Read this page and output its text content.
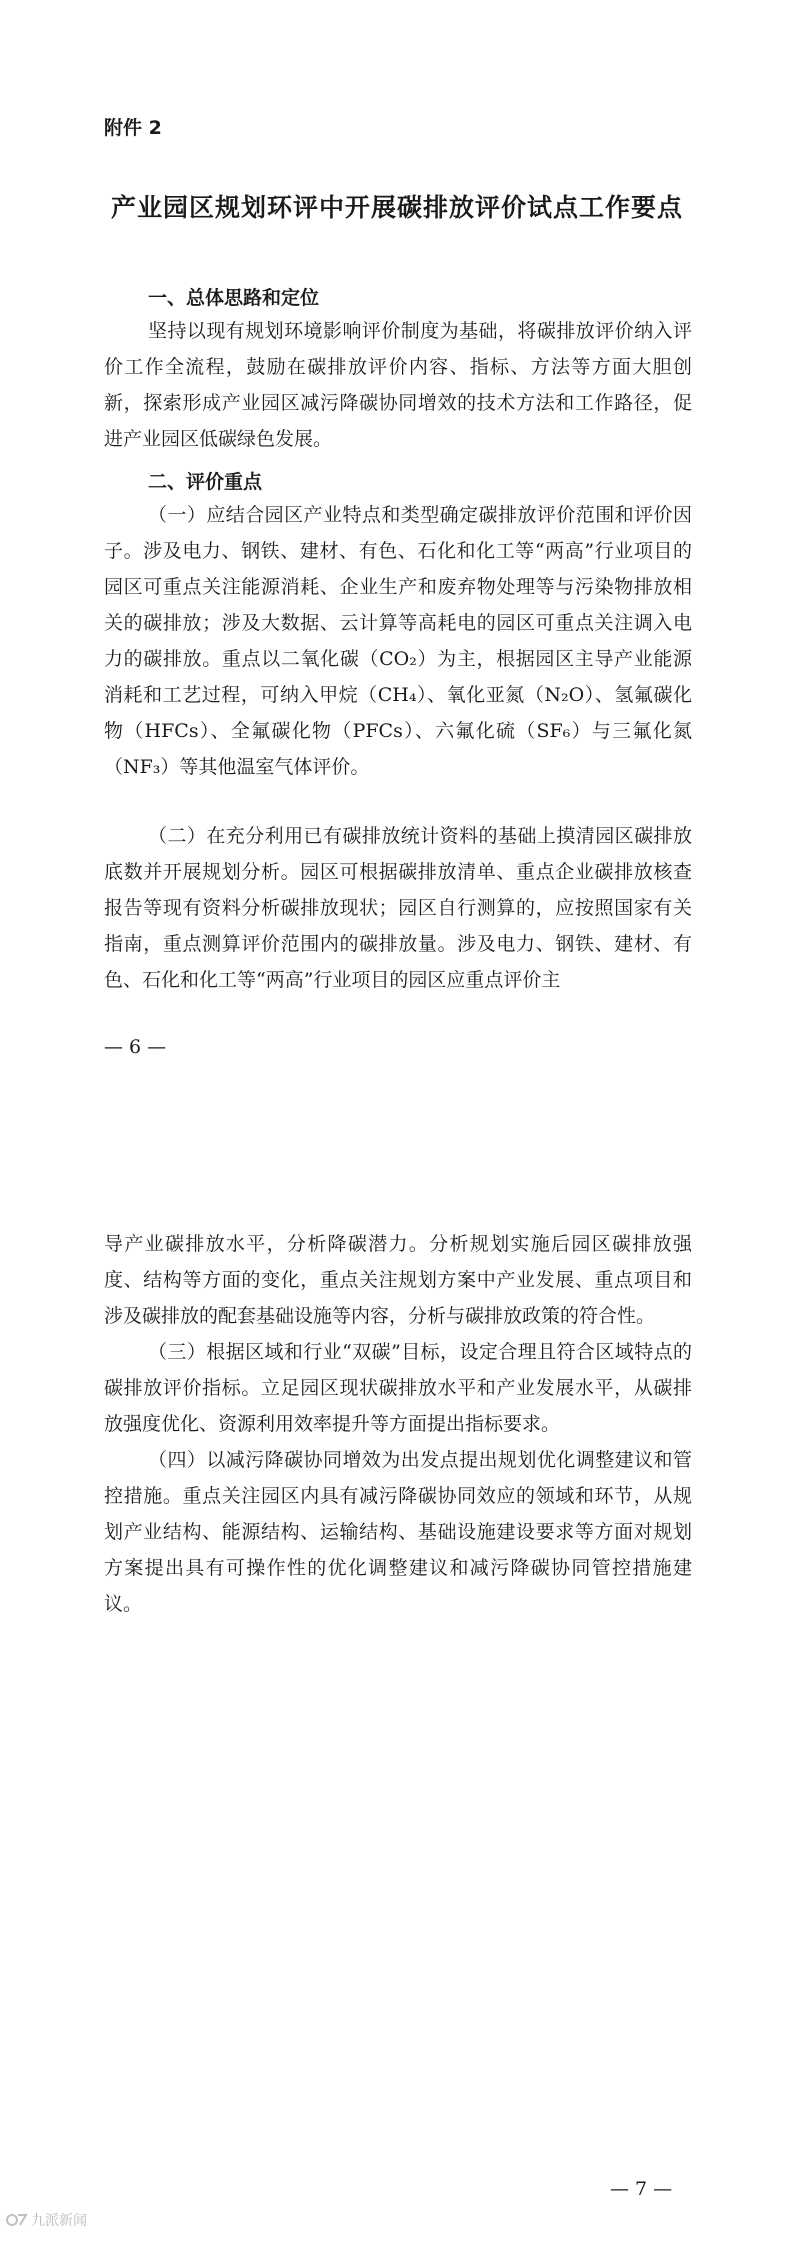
附件 2
产业园区规划环评中开展碳排放评价试点工作要点
一、总体思路和定位

坚持以现有规划环境影响评价制度为基础，将碳排放评价纳入评价工作全流程，鼓励在碳排放评价内容、指标、方法等方面大胆创新，探索形成产业园区减污降碳协同增效的技术方法和工作路径，促进产业园区低碳绿色发展。

二、评价重点

（一）应结合园区产业特点和类型确定碳排放评价范围和评价因子。涉及电力、钢铁、建材、有色、石化和化工等“两高”行业项目的园区可重点关注能源消耗、企业生产和废弃物处理等与污染物排放相关的碳排放；涉及大数据、云计算等高耗电的园区可重点关注调入电力的碳排放。重点以二氧化碳（CO₂）为主，根据园区主导产业能源消耗和工艺过程，可纳入甲烷（CH₄）、氧化亚氮（N₂O）、氢氟碳化物（HFCs）、全氟碳化物（PFCs）、六氟化硫（SF₆）与三氟化氮（NF₃）等其他温室气体评价。

（二）在充分利用已有碳排放统计资料的基础上摸清园区碳排放底数并开展规划分析。园区可根据碳排放清单、重点企业碳排放核查报告等现有资料分析碳排放现状；园区自行测算的，应按照国家有关指南，重点测算评价范围内的碳排放量。涉及电力、钢铁、建材、有色、石化和化工等“两高”行业项目的园区应重点评价主

— 6 —

导产业碳排放水平，分析降碳潜力。分析规划实施后园区碳排放强度、结构等方面的变化，重点关注规划方案中产业发展、重点项目和涉及碳排放的配套基础设施等内容，分析与碳排放政策的符合性。

（三）根据区域和行业“双碳”目标，设定合理且符合区域特点的碳排放评价指标。立足园区现状碳排放水平和产业发展水平，从碳排放强度优化、资源利用效率提升等方面提出指标要求。

（四）以减污降碳协同增效为出发点提出规划优化调整建议和管控措施。重点关注园区内具有减污降碳协同效应的领域和环节，从规划产业结构、能源结构、运输结构、基础设施建设要求等方面对规划方案提出具有可操作性的优化调整建议和减污降碳协同管控措施建议。

— 7 —
九派新闻
